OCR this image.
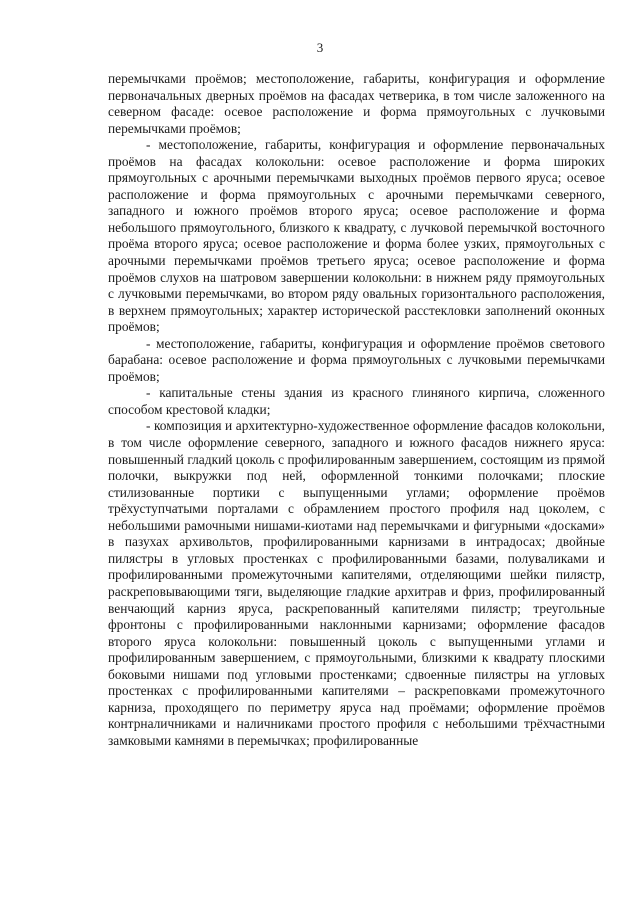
3

перемычками проёмов; местоположение, габариты, конфигурация и оформление первоначальных дверных проёмов на фасадах четверика, в том числе заложенного на северном фасаде: осевое расположение и форма прямоугольных с лучковыми перемычками проёмов;

- местоположение, габариты, конфигурация и оформление первоначальных проёмов на фасадах колокольни: осевое расположение и форма широких прямоугольных с арочными перемычками выходных проёмов первого яруса; осевое расположение и форма прямоугольных с арочными перемычками северного, западного и южного проёмов второго яруса; осевое расположение и форма небольшого прямоугольного, близкого к квадрату, с лучковой перемычкой восточного проёма второго яруса; осевое расположение и форма более узких, прямоугольных с арочными перемычками проёмов третьего яруса; осевое расположение и форма проёмов слухов на шатровом завершении колокольни: в нижнем ряду прямоугольных с лучковыми перемычками, во втором ряду овальных горизонтального расположения, в верхнем прямоугольных; характер исторической расстекловки заполнений оконных проёмов;

- местоположение, габариты, конфигурация и оформление проёмов светового барабана: осевое расположение и форма прямоугольных с лучковыми перемычками проёмов;

- капитальные стены здания из красного глиняного кирпича, сложенного способом крестовой кладки;

- композиция и архитектурно-художественное оформление фасадов колокольни, в том числе оформление северного, западного и южного фасадов нижнего яруса: повышенный гладкий цоколь с профилированным завершением, состоящим из прямой полочки, выкружки под ней, оформленной тонкими полочками; плоские стилизованные портики с выпущенными углами; оформление проёмов трёхуступчатыми порталами с обрамлением простого профиля над цоколем, с небольшими рамочными нишами-киотами над перемычками и фигурными «досками» в пазухах архивольтов, профилированными карнизами в интрадосах; двойные пилястры в угловых простенках с профилированными базами, полуваликами и профилированными промежуточными капителями, отделяющими шейки пилястр, раскреповывающими тяги, выделяющие гладкие архитрав и фриз, профилированный венчающий карниз яруса, раскрепованный капителями пилястр; треугольные фронтоны с профилированными наклонными карнизами; оформление фасадов второго яруса колокольни: повышенный цоколь с выпущенными углами и профилированным завершением, с прямоугольными, близкими к квадрату плоскими боковыми нишами под угловыми простенками; сдвоенные пилястры на угловых простенках с профилированными капителями – раскреповками промежуточного карниза, проходящего по периметру яруса над проёмами; оформление проёмов контрналичниками и наличниками простого профиля с небольшими трёхчастными замковыми камнями в перемычках; профилированные
